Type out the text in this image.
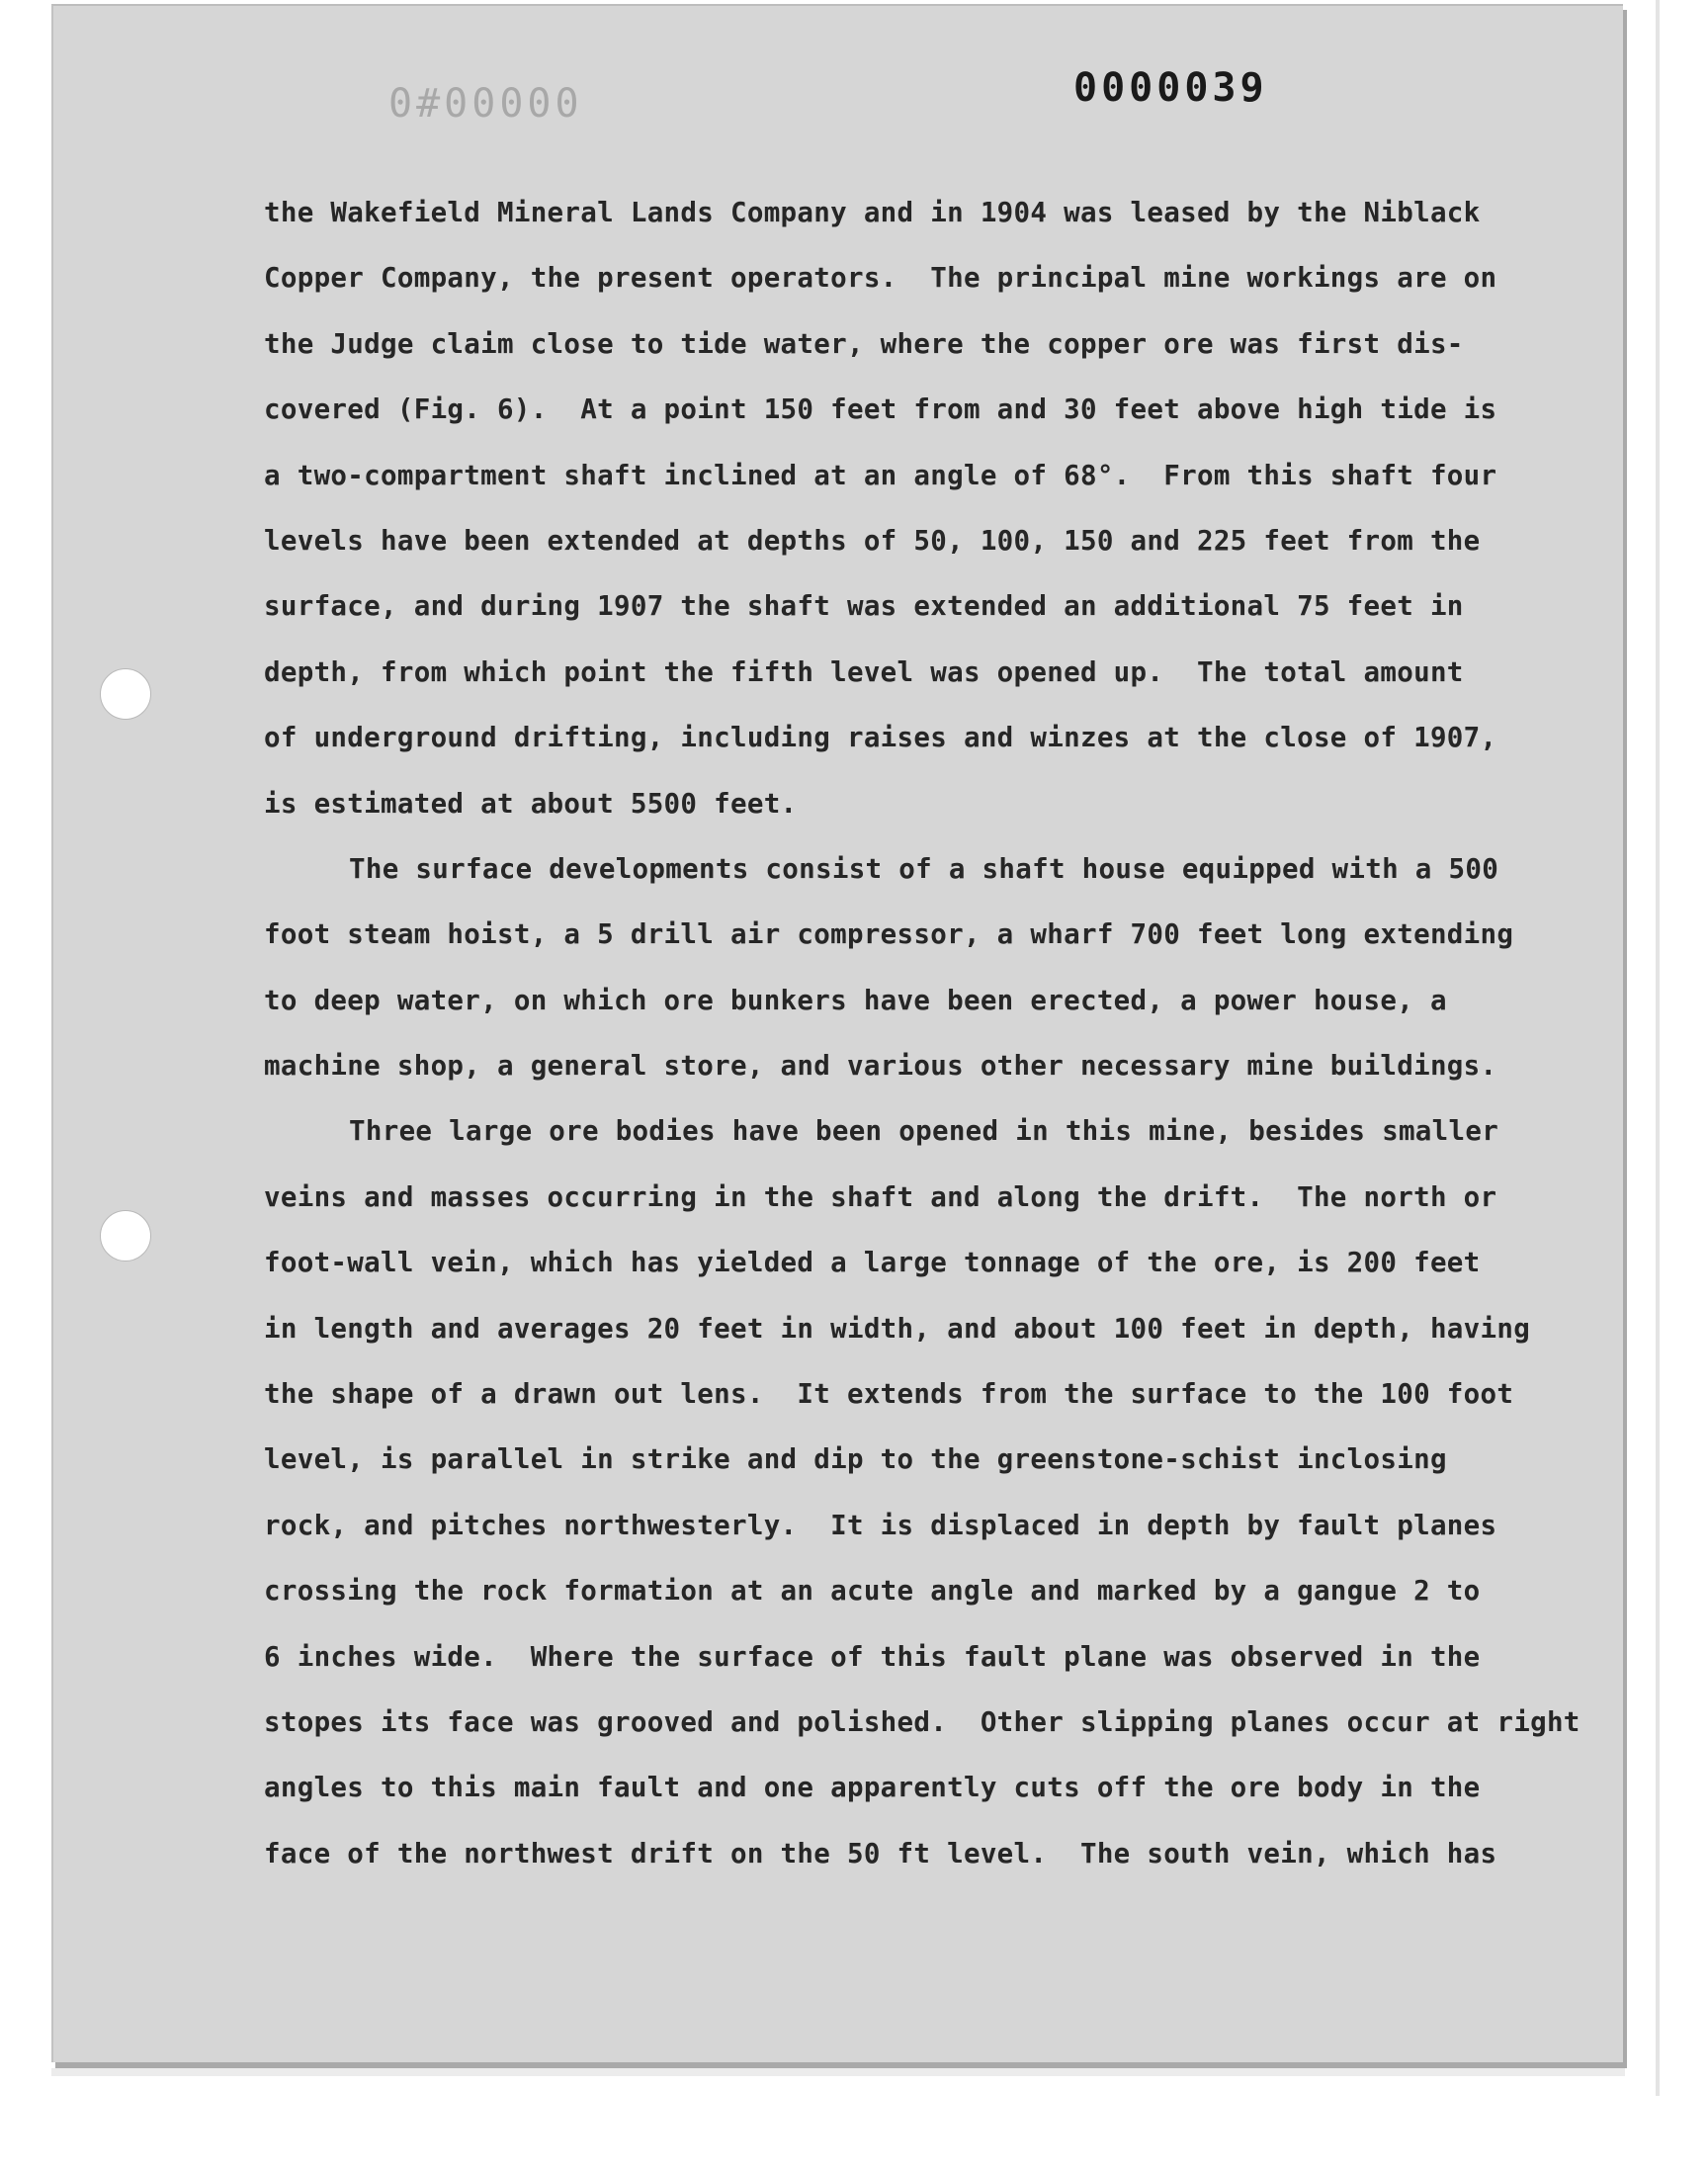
0#00000	0000039
the Wakefield Mineral Lands Company and in 1904 was leased by the Niblack
Copper Company, the present operators.  The principal mine workings are on
the Judge claim close to tide water, where the copper ore was first dis-
covered (Fig. 6).  At a point 150 feet from and 30 feet above high tide is
a two-compartment shaft inclined at an angle of 68°.  From this shaft four
levels have been extended at depths of 50, 100, 150 and 225 feet from the
surface, and during 1907 the shaft was extended an additional 75 feet in
depth, from which point the fifth level was opened up.  The total amount
of underground drifting, including raises and winzes at the close of 1907,
is estimated at about 5500 feet.
The surface developments consist of a shaft house equipped with a 500
foot steam hoist, a 5 drill air compressor, a wharf 700 feet long extending
to deep water, on which ore bunkers have been erected, a power house, a
machine shop, a general store, and various other necessary mine buildings.
Three large ore bodies have been opened in this mine, besides smaller
veins and masses occurring in the shaft and along the drift.  The north or
foot-wall vein, which has yielded a large tonnage of the ore, is 200 feet
in length and averages 20 feet in width, and about 100 feet in depth, having
the shape of a drawn out lens.  It extends from the surface to the 100 foot
level, is parallel in strike and dip to the greenstone-schist inclosing
rock, and pitches northwesterly.  It is displaced in depth by fault planes
crossing the rock formation at an acute angle and marked by a gangue 2 to
6 inches wide.  Where the surface of this fault plane was observed in the
stopes its face was grooved and polished.  Other slipping planes occur at right
angles to this main fault and one apparently cuts off the ore body in the
face of the northwest drift on the 50 ft level.  The south vein, which has
